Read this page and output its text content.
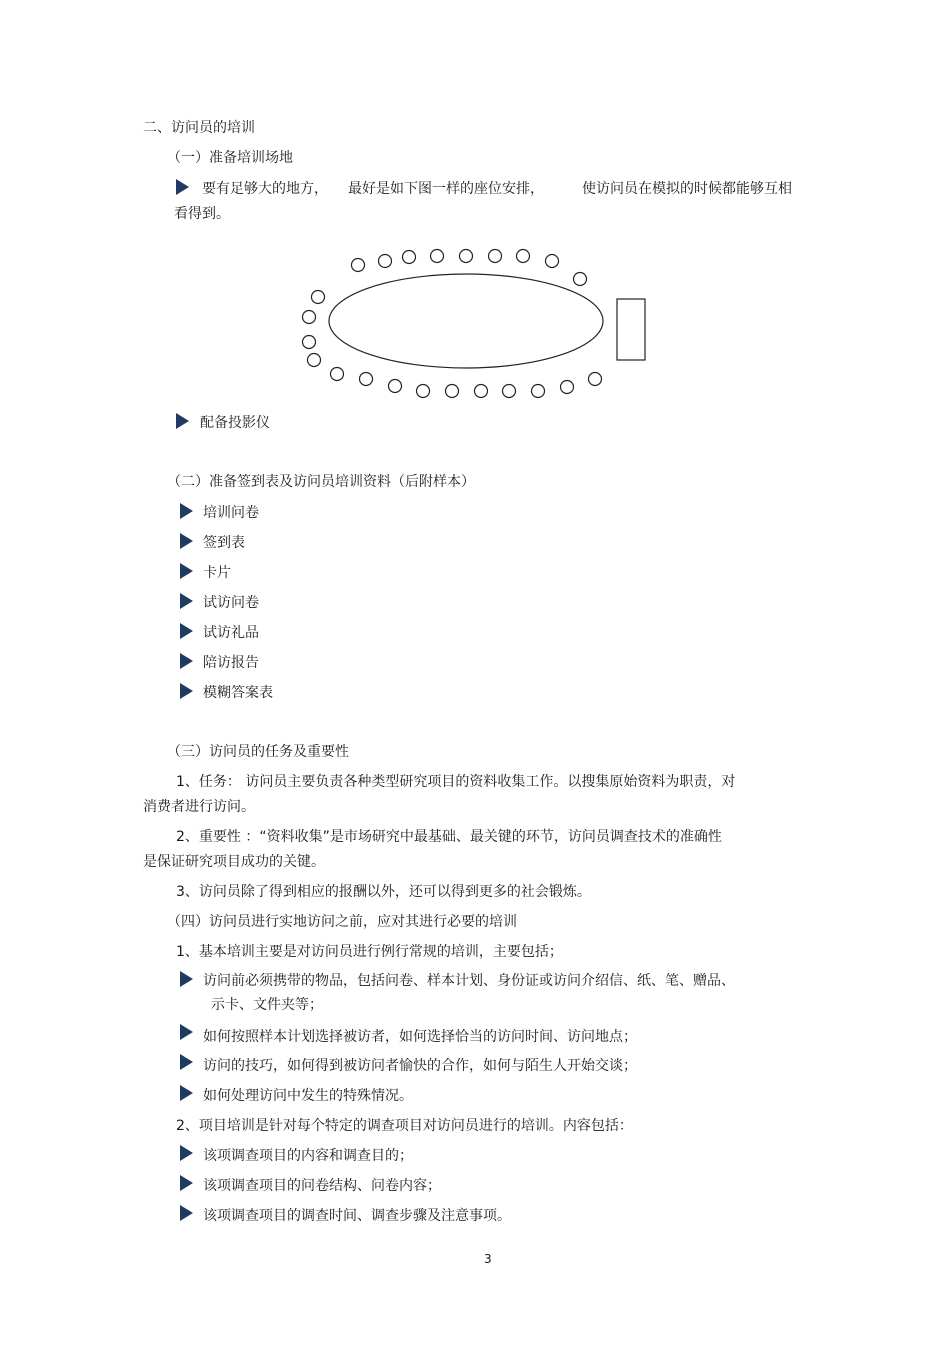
二、访问员的培训
（一）准备培训场地
要有足够大的地方， 最好是如下图一样的座位安排，	使访问员在模拟的时候都能够互相
看得到。
配备投影仪
（二）准备签到表及访问员培训资料（后附样本）
培训问卷
签到表
卡片
试访问卷
试访礼品
陪访报告
模糊答案表
（三）访问员的任务及重要性
1、任务： 访问员主要负责各种类型研究项目的资料收集工作。以搜集原始资料为职责，对
消费者进行访问。
2、重要性 ：“资料收集”是市场研究中最基础、最关键的环节，访问员调查技术的准确性
是保证研究项目成功的关键。
3、访问员除了得到相应的报酬以外，还可以得到更多的社会锻炼。
（四）访问员进行实地访问之前，应对其进行必要的培训
1、基本培训主要是对访问员进行例行常规的培训，主要包括；
访问前必须携带的物品，包括问卷、样本计划、身份证或访问介绍信、纸、笔、赠品、
示卡、文件夹等；
如何按照样本计划选择被访者，如何选择恰当的访问时间、访问地点；
访问的技巧，如何得到被访问者愉快的合作，如何与陌生人开始交谈；
如何处理访问中发生的特殊情况。
2、项目培训是针对每个特定的调查项目对访问员进行的培训。内容包括：
该项调查项目的内容和调查目的；
该项调查项目的问卷结构、问卷内容；
该项调查项目的调查时间、调查步骤及注意事项。
3
